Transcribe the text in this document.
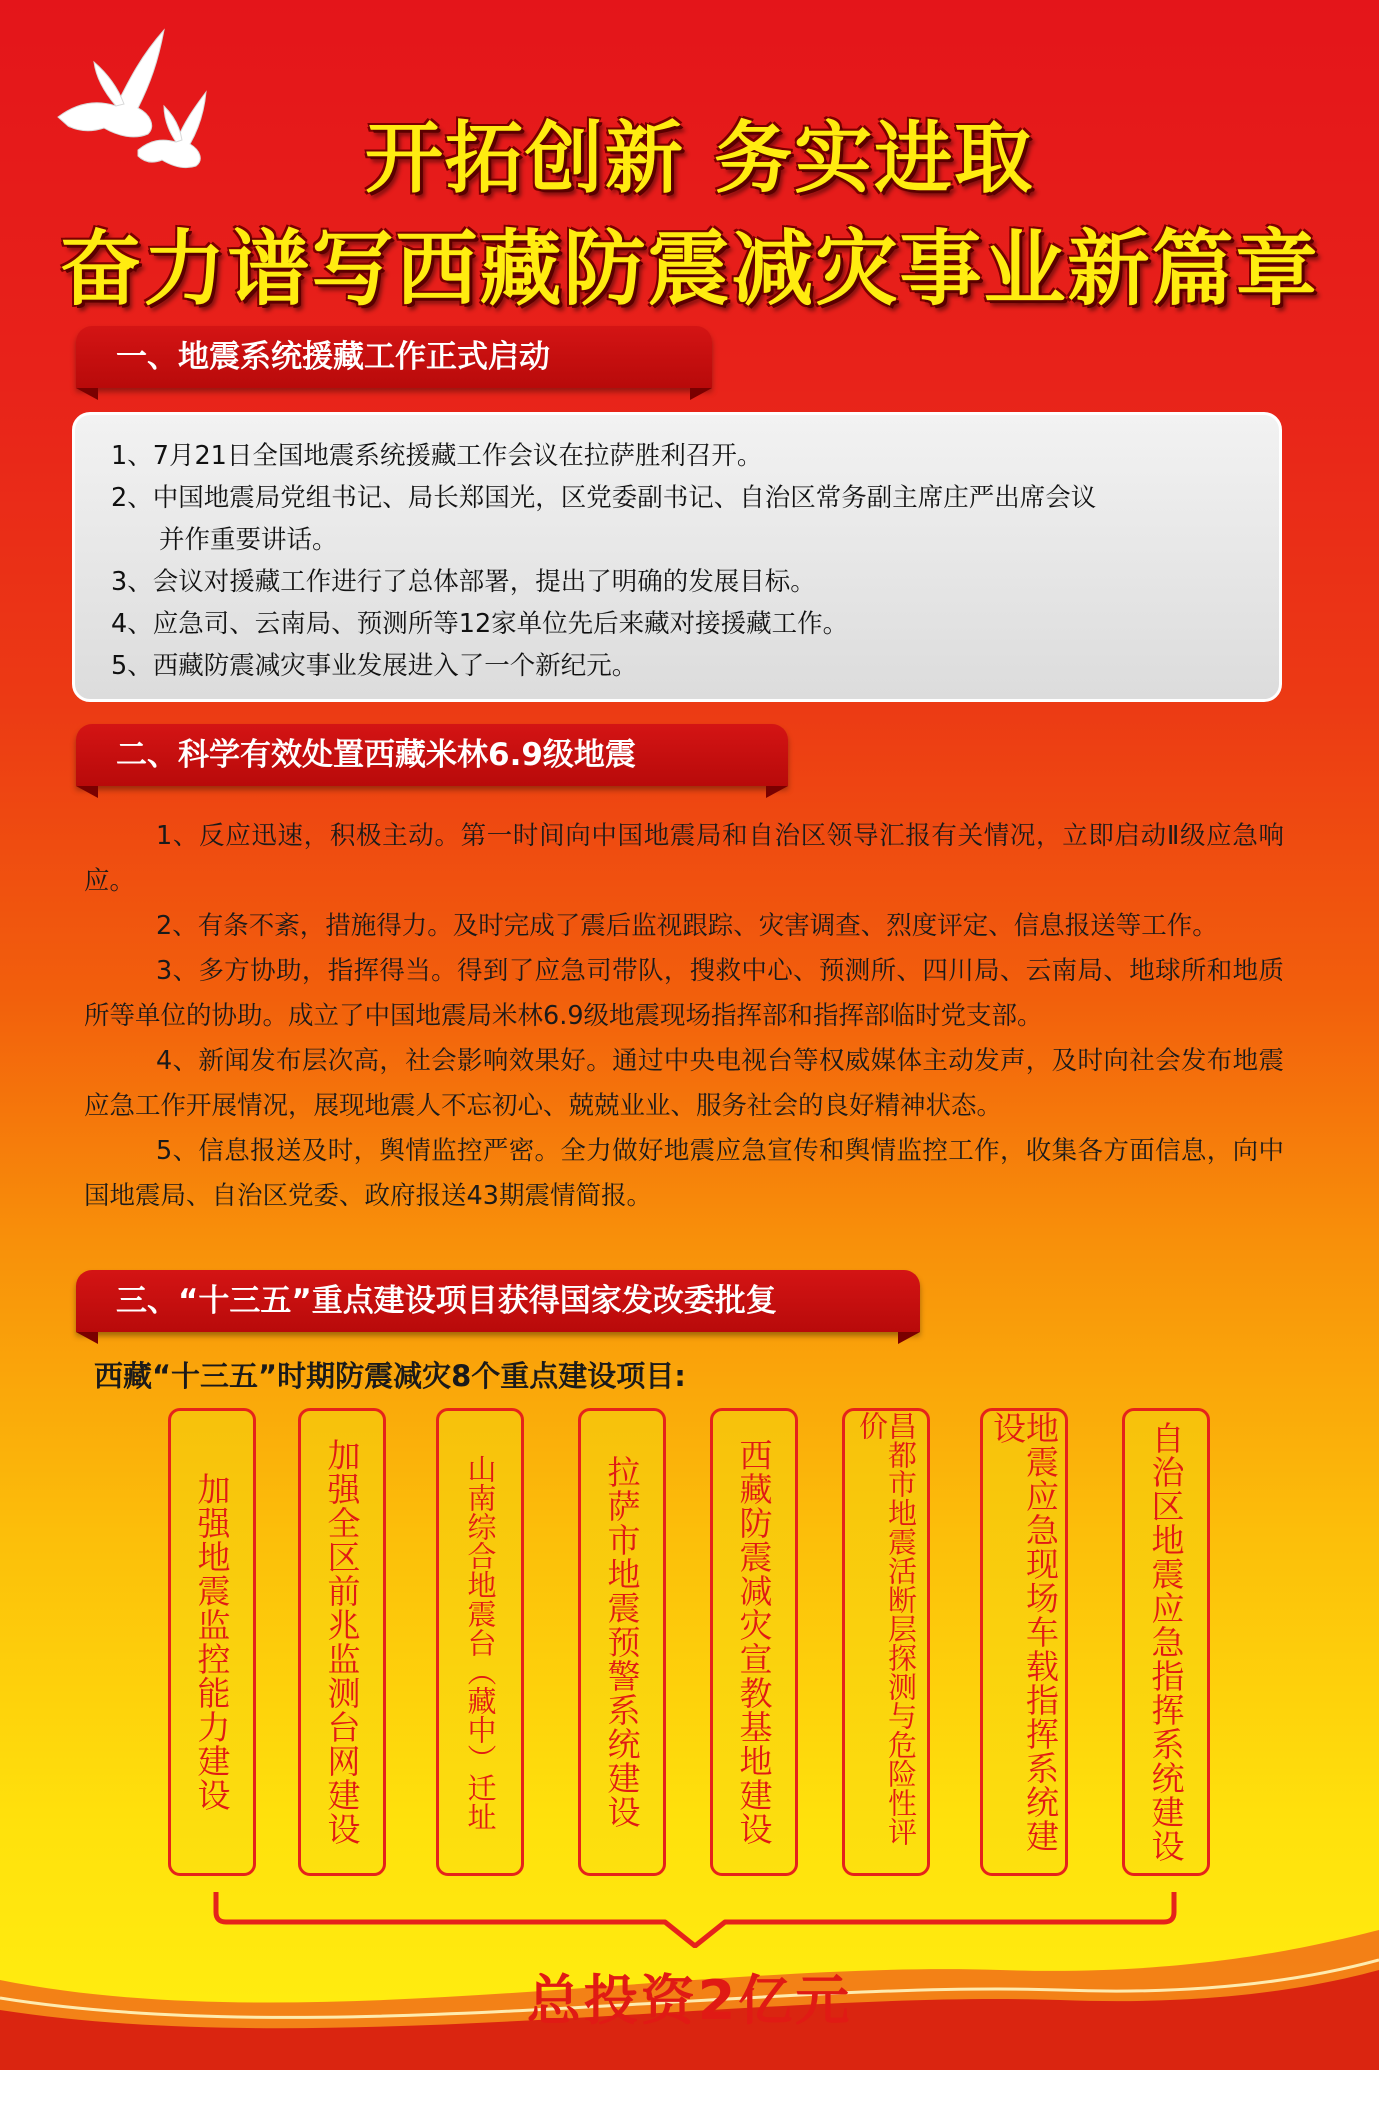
开拓创新 务实进取
奋力谱写西藏防震减灾事业新篇章
一、地震系统援藏工作正式启动
1、7月21日全国地震系统援藏工作会议在拉萨胜利召开。
2、中国地震局党组书记、局长郑国光，区党委副书记、自治区常务副主席庄严出席会议
并作重要讲话。
3、会议对援藏工作进行了总体部署，提出了明确的发展目标。
4、应急司、云南局、预测所等12家单位先后来藏对接援藏工作。
5、西藏防震减灾事业发展进入了一个新纪元。
二、科学有效处置西藏米林6.9级地震
1、反应迅速，积极主动。第一时间向中国地震局和自治区领导汇报有关情况，立即启动Ⅱ级应急响应。
2、有条不紊，措施得力。及时完成了震后监视跟踪、灾害调查、烈度评定、信息报送等工作。
3、多方协助，指挥得当。得到了应急司带队，搜救中心、预测所、四川局、云南局、地球所和地质所等单位的协助。成立了中国地震局米林6.9级地震现场指挥部和指挥部临时党支部。
4、新闻发布层次高，社会影响效果好。通过中央电视台等权威媒体主动发声，及时向社会发布地震应急工作开展情况，展现地震人不忘初心、兢兢业业、服务社会的良好精神状态。
5、信息报送及时，舆情监控严密。全力做好地震应急宣传和舆情监控工作，收集各方面信息，向中国地震局、自治区党委、政府报送43期震情简报。
三、“十三五”重点建设项目获得国家发改委批复
西藏“十三五”时期防震减灾8个重点建设项目:
加强地震监控能力建设	加强全区前兆监测台网建设	山南综合地震台（藏中）迁址	拉萨市地震预警系统建设	西藏防震减灾宣教基地建设	昌都市地震活断层探测与危险性评价	地震应急现场车载指挥系统建设	自治区地震应急指挥系统建设
总投资2亿元
